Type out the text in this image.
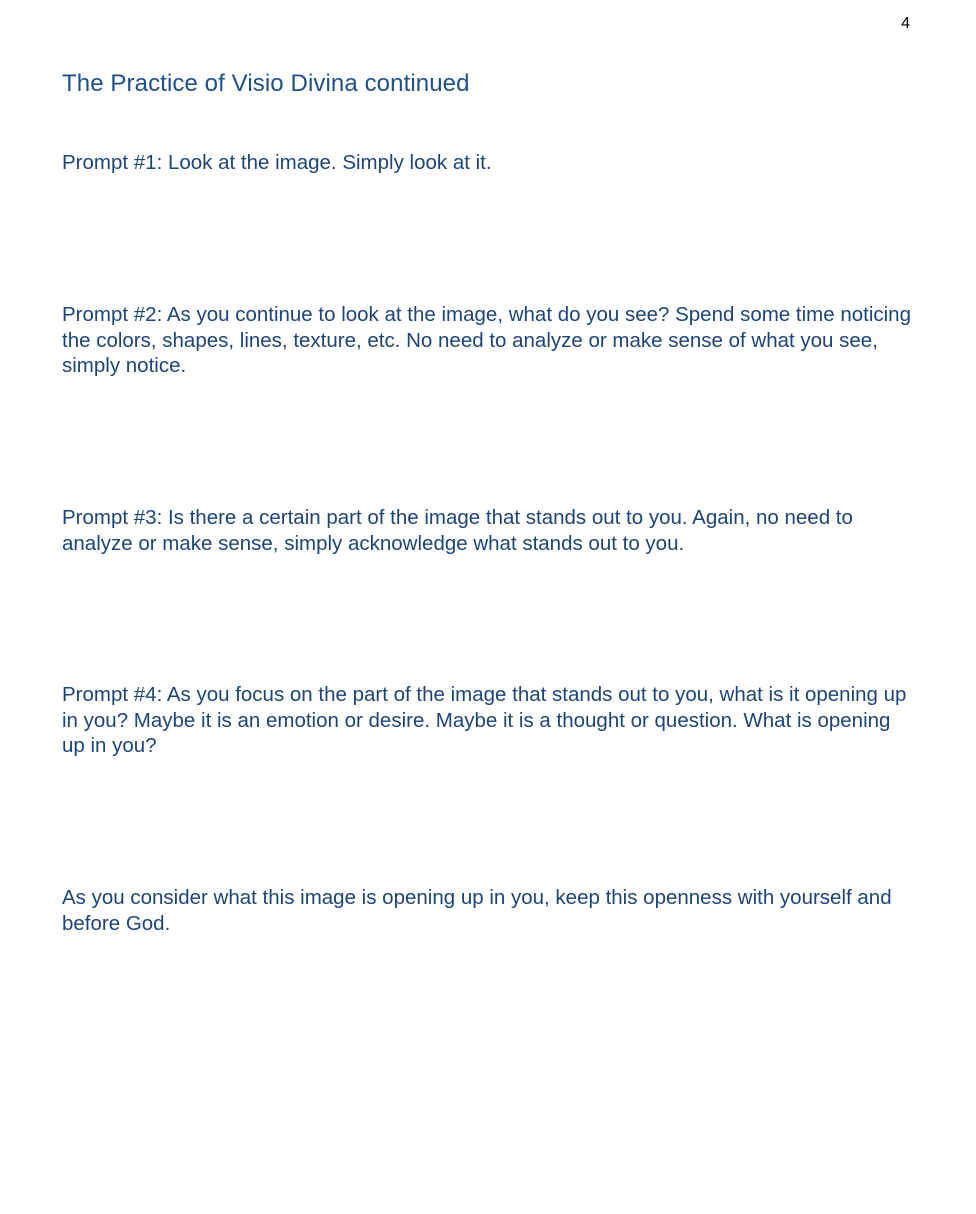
4
The Practice of Visio Divina continued

Prompt #1: Look at the image. Simply look at it.

Prompt #2: As you continue to look at the image, what do you see? Spend some time noticing the colors, shapes, lines, texture, etc. No need to analyze or make sense of what you see, simply notice.

Prompt #3: Is there a certain part of the image that stands out to you. Again, no need to analyze or make sense, simply acknowledge what stands out to you.

Prompt #4: As you focus on the part of the image that stands out to you, what is it opening up in you? Maybe it is an emotion or desire. Maybe it is a thought or question. What is opening up in you?

As you consider what this image is opening up in you, keep this openness with yourself and before God.
